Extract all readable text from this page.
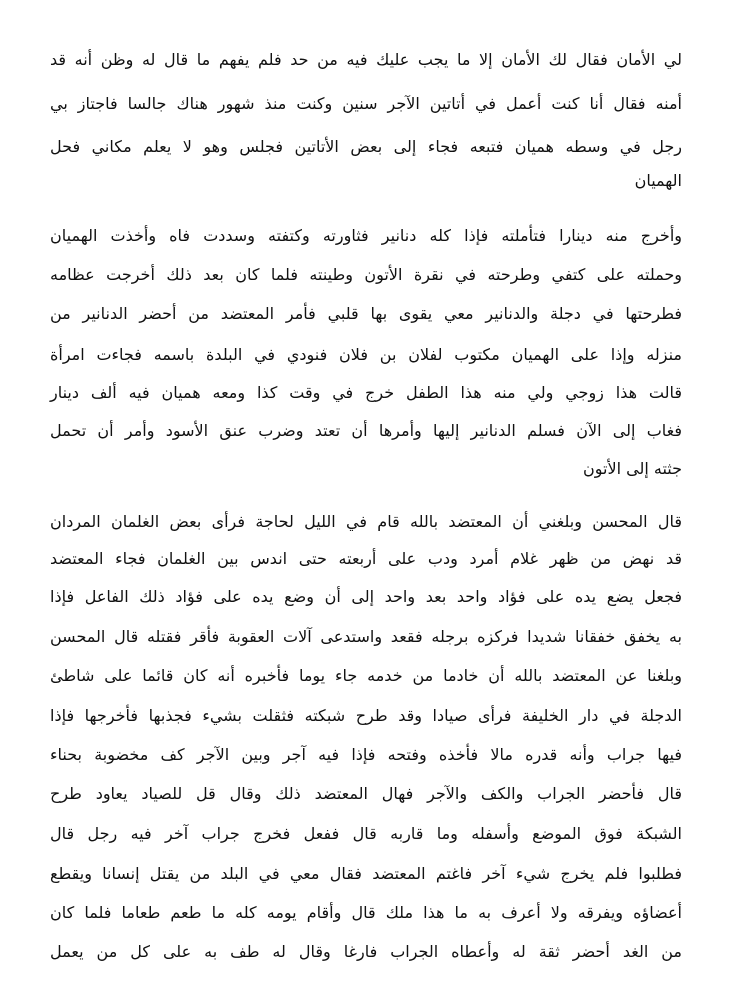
لي الأمان فقال لك الأمان إلا ما يجب عليك فيه من حد فلم يفهم ما قال له وظن أنه قد
أمنه فقال أنا كنت أعمل في أتاتين الآجر سنين وكنت منذ شهور هناك جالسا فاجتاز بي
رجل في وسطه هميان فتبعه فجاء إلى بعض الأتاتين فجلس وهو لا يعلم مكاني فحل
الهميان
وأخرج منه دينارا فتأملته فإذا كله دنانير فثاورته وكتفته وسددت فاه وأخذت الهميان
وحملته على كتفي وطرحته في نقرة الأتون وطينته فلما كان بعد ذلك أخرجت عظامه
فطرحتها في دجلة والدنانير معي يقوى بها قلبي فأمر المعتضد من أحضر الدنانير من
منزله وإذا على الهميان مكتوب لفلان بن فلان فنودي في البلدة باسمه فجاءت امرأة
قالت هذا زوجي ولي منه هذا الطفل خرج في وقت كذا ومعه هميان فيه ألف دينار
فغاب إلى الآن فسلم الدنانير إليها وأمرها أن تعتد وضرب عنق الأسود وأمر أن تحمل
جثته إلى الأتون
قال المحسن وبلغني أن المعتضد بالله قام في الليل لحاجة فرأى بعض الغلمان المردان
قد نهض من ظهر غلام أمرد ودب على أربعته حتى اندس بين الغلمان فجاء المعتضد
فجعل يضع يده على فؤاد واحد بعد واحد إلى أن وضع يده على فؤاد ذلك الفاعل فإذا
به يخفق خفقانا شديدا فركزه برجله فقعد واستدعى آلات العقوبة فأقر فقتله قال المحسن
وبلغنا عن المعتضد بالله أن خادما من خدمه جاء يوما فأخبره أنه كان قائما على شاطئ
الدجلة في دار الخليفة فرأى صيادا وقد طرح شبكته فثقلت بشيء فجذبها فأخرجها فإذا
فيها جراب وأنه قدره مالا فأخذه وفتحه فإذا فيه آجر وبين الآجر كف مخضوبة بحناء
قال فأحضر الجراب والكف والآجر فهال المعتضد ذلك وقال قل للصياد يعاود طرح
الشبكة فوق الموضع وأسفله وما قاربه قال ففعل فخرج جراب آخر فيه رجل قال
فطلبوا فلم يخرج شيء آخر فاغتم المعتضد فقال معي في البلد من يقتل إنسانا ويقطع
أعضاؤه ويفرقه ولا أعرف به ما هذا ملك قال وأقام يومه كله ما طعم طعاما فلما كان
من الغد أحضر ثقة له وأعطاه الجراب فارغا وقال له طف به على كل من يعمل
